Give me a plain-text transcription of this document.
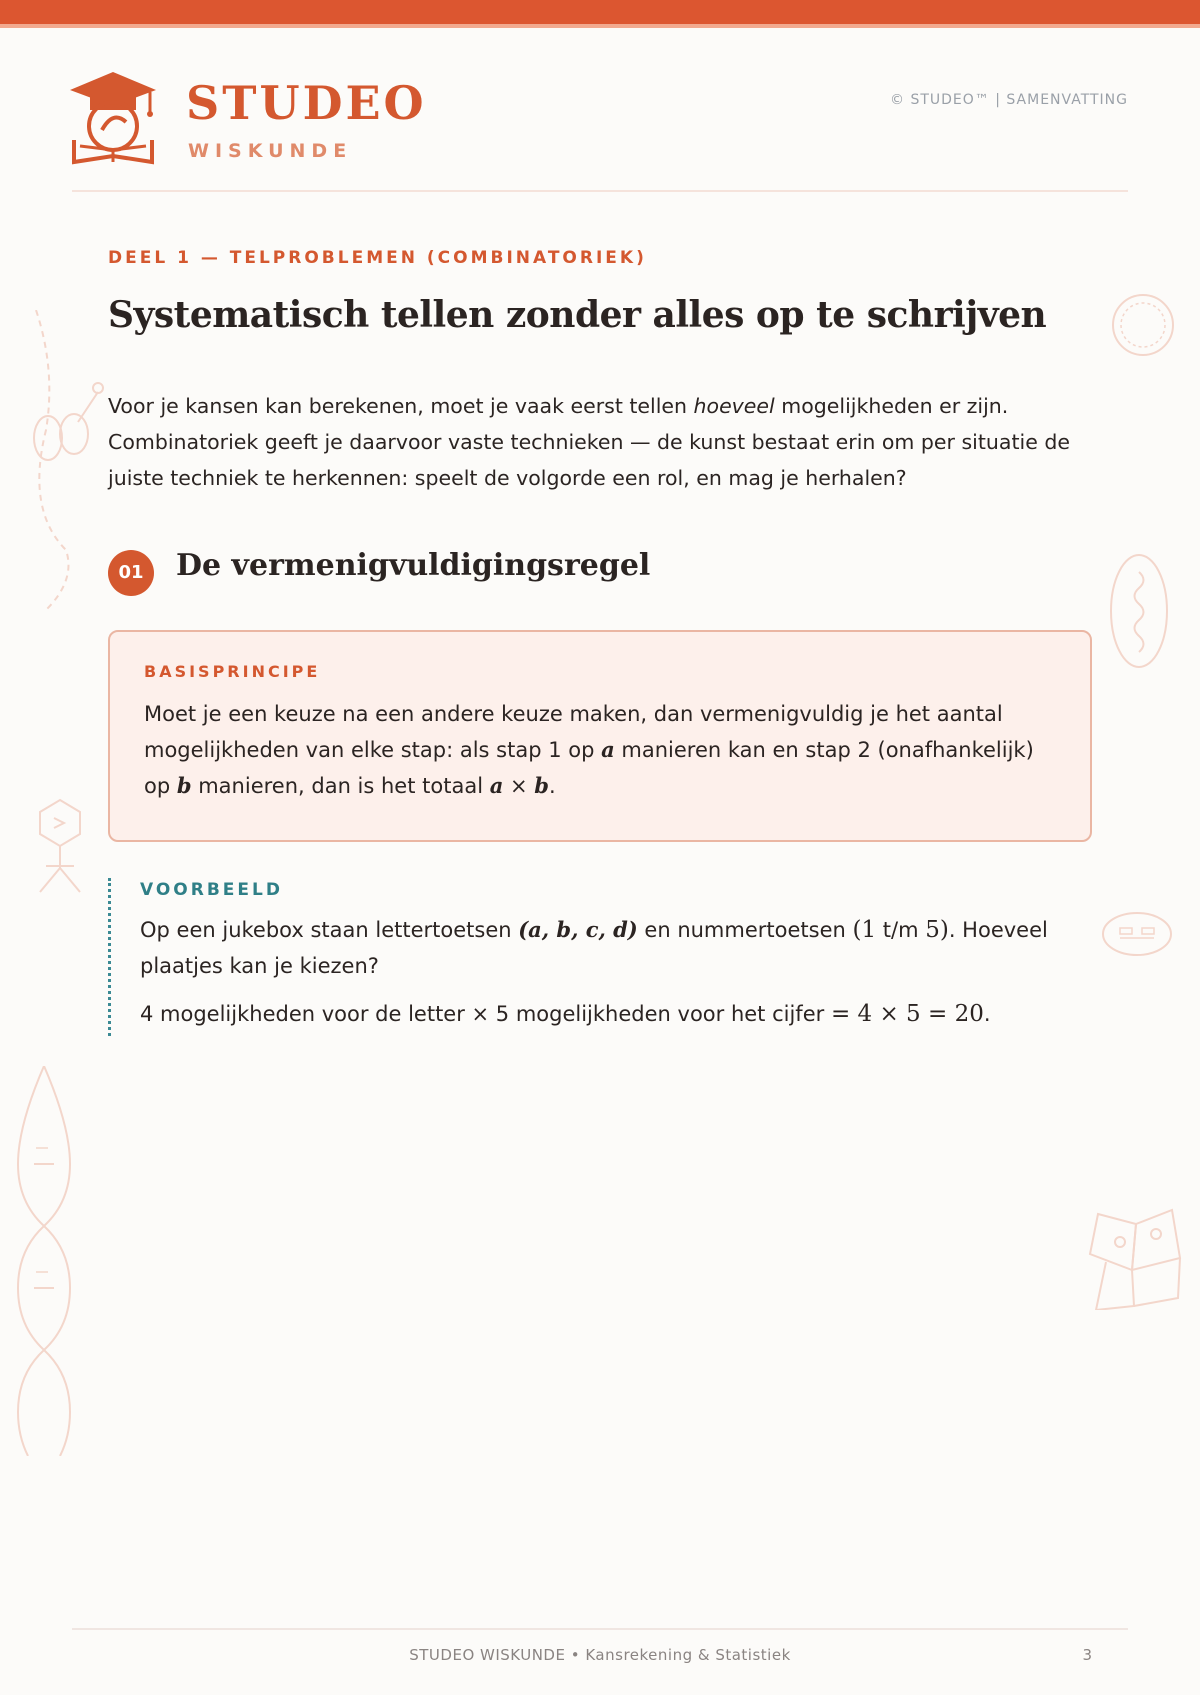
STUDEO
WISKUNDE
© STUDEO™ | SAMENVATTING
DEEL 1 — TELPROBLEMEN (COMBINATORIEK)
Systematisch tellen zonder alles op te schrijven

Voor je kansen kan berekenen, moet je vaak eerst tellen hoeveel mogelijkheden er zijn. Combinatoriek geeft je daarvoor vaste technieken — de kunst bestaat erin om per situatie de juiste techniek te herkennen: speelt de volgorde een rol, en mag je herhalen?

01	De vermenigvuldigingsregel
BASISPRINCIPE

Moet je een keuze na een andere keuze maken, dan vermenigvuldig je het aantal mogelijkheden van elke stap: als stap 1 op a manieren kan en stap 2 (onafhankelijk) op b manieren, dan is het totaal a × b.

VOORBEELD

Op een jukebox staan lettertoetsen (a, b, c, d) en nummertoetsen (1 t/m 5). Hoeveel plaatjes kan je kiezen?

4 mogelijkheden voor de letter × 5 mogelijkheden voor het cijfer = 4 × 5 = 20.

STUDEO WISKUNDE • Kansrekening & Statistiek	3
